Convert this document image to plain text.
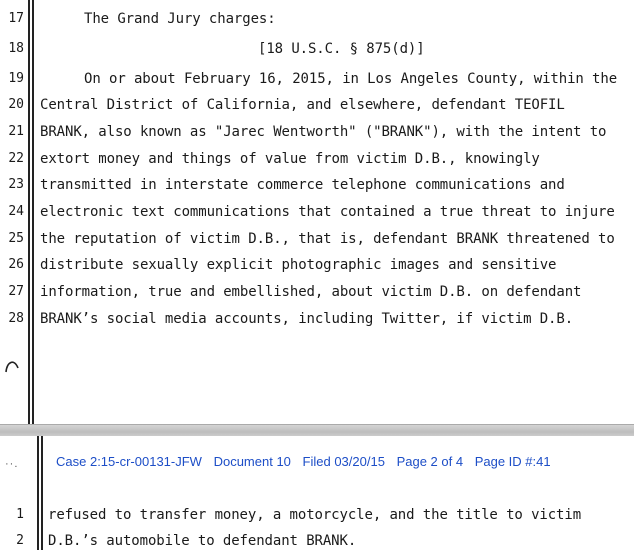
17	The Grand Jury charges:
18	[18 U.S.C. § 875(d)]
19	On or about February 16, 2015, in Los Angeles County, within the
20 Central District of California, and elsewhere, defendant TEOFIL
21 BRANK, also known as "Jarec Wentworth" ("BRANK"), with the intent to
22 extort money and things of value from victim D.B., knowingly
23 transmitted in interstate commerce telephone communications and
24 electronic text communications that contained a true threat to injure
25 the reputation of victim D.B., that is, defendant BRANK threatened to
26 distribute sexually explicit photographic images and sensitive
27 information, true and embellished, about victim D.B. on defendant
28 BRANK’s social media accounts, including Twitter, if victim D.B.
··.	Case 2:15-cr-00131-JFW Document 10 Filed 03/20/15 Page 2 of 4 Page ID #:41
1 refused to transfer money, a motorcycle, and the title to victim
2 D.B.’s automobile to defendant BRANK.
